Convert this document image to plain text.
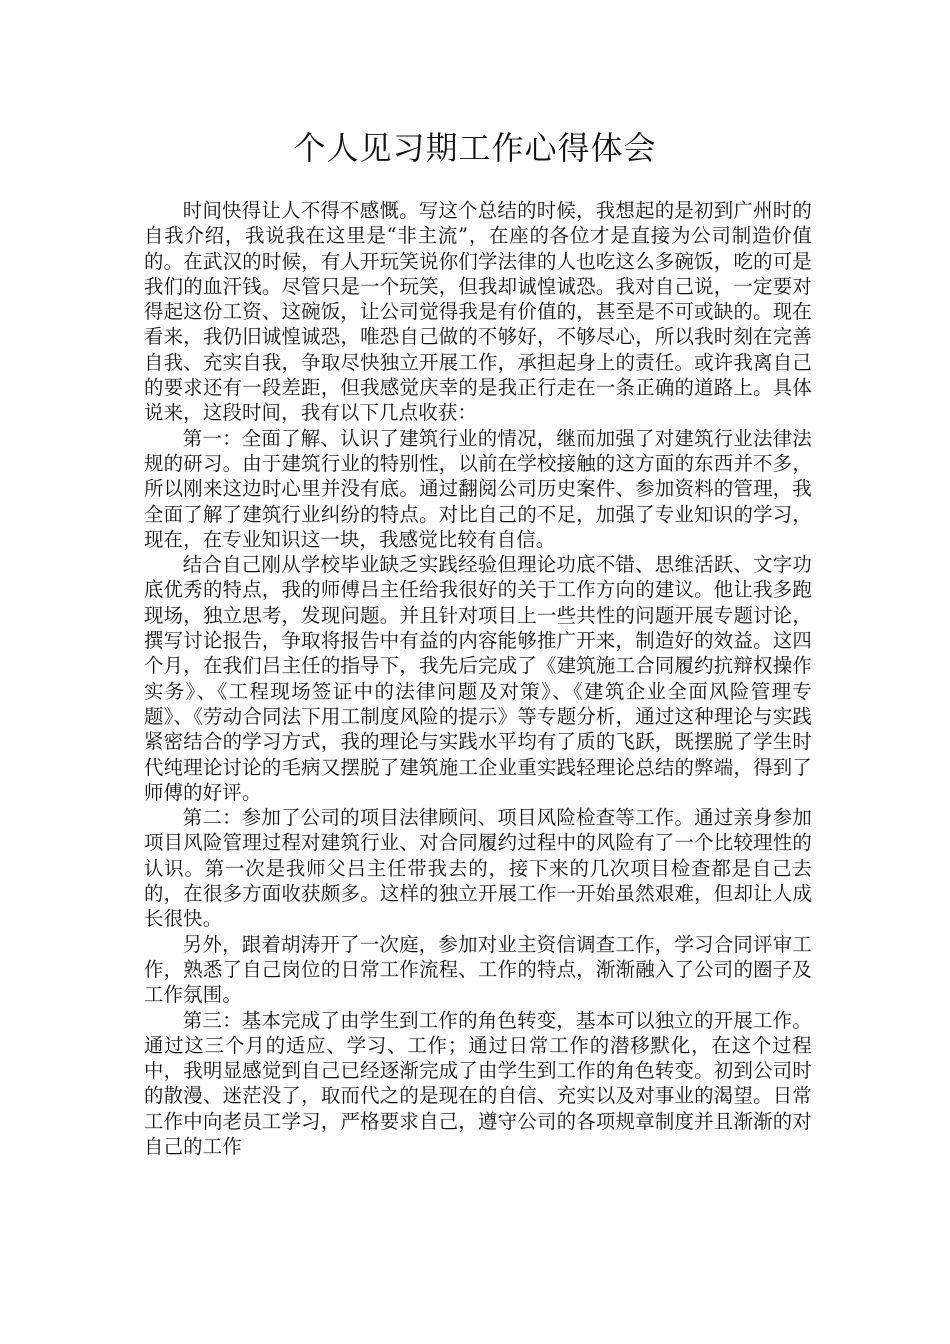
个人见习期工作心得体会

时间快得让人不得不感慨。写这个总结的时候，我想起的是初到广州时的自我介绍，我说我在这里是“非主流”，在座的各位才是直接为公司制造价值的。在武汉的时候，有人开玩笑说你们学法律的人也吃这么多碗饭，吃的可是我们的血汗钱。尽管只是一个玩笑，但我却诚惶诚恐。我对自己说，一定要对得起这份工资、这碗饭，让公司觉得我是有价值的，甚至是不可或缺的。现在看来，我仍旧诚惶诚恐，唯恐自己做的不够好，不够尽心，所以我时刻在完善自我、充实自我，争取尽快独立开展工作，承担起身上的责任。或许我离自己的要求还有一段差距，但我感觉庆幸的是我正行走在一条正确的道路上。具体说来，这段时间，我有以下几点收获：

第一：全面了解、认识了建筑行业的情况，继而加强了对建筑行业法律法规的研习。由于建筑行业的特别性，以前在学校接触的这方面的东西并不多，所以刚来这边时心里并没有底。通过翻阅公司历史案件、参加资料的管理，我全面了解了建筑行业纠纷的特点。对比自己的不足，加强了专业知识的学习，现在，在专业知识这一块，我感觉比较有自信。

结合自己刚从学校毕业缺乏实践经验但理论功底不错、思维活跃、文字功底优秀的特点，我的师傅吕主任给我很好的关于工作方向的建议。他让我多跑现场，独立思考，发现问题。并且针对项目上一些共性的问题开展专题讨论，撰写讨论报告，争取将报告中有益的内容能够推广开来，制造好的效益。这四个月，在我们吕主任的指导下，我先后完成了《建筑施工合同履约抗辩权操作实务》、《工程现场签证中的法律问题及对策》、《建筑企业全面风险管理专题》、《劳动合同法下用工制度风险的提示》等专题分析，通过这种理论与实践紧密结合的学习方式，我的理论与实践水平均有了质的飞跃，既摆脱了学生时代纯理论讨论的毛病又摆脱了建筑施工企业重实践轻理论总结的弊端，得到了师傅的好评。

第二：参加了公司的项目法律顾问、项目风险检查等工作。通过亲身参加项目风险管理过程对建筑行业、对合同履约过程中的风险有了一个比较理性的认识。第一次是我师父吕主任带我去的，接下来的几次项目检查都是自己去的，在很多方面收获颇多。这样的独立开展工作一开始虽然艰难，但却让人成长很快。

另外，跟着胡涛开了一次庭，参加对业主资信调查工作，学习合同评审工作，熟悉了自己岗位的日常工作流程、工作的特点，渐渐融入了公司的圈子及工作氛围。

第三：基本完成了由学生到工作的角色转变，基本可以独立的开展工作。通过这三个月的适应、学习、工作；通过日常工作的潜移默化，在这个过程中，我明显感觉到自己已经逐渐完成了由学生到工作的角色转变。初到公司时的散漫、迷茫没了，取而代之的是现在的自信、充实以及对事业的渴望。日常工作中向老员工学习，严格要求自己，遵守公司的各项规章制度并且渐渐的对自己的工作
